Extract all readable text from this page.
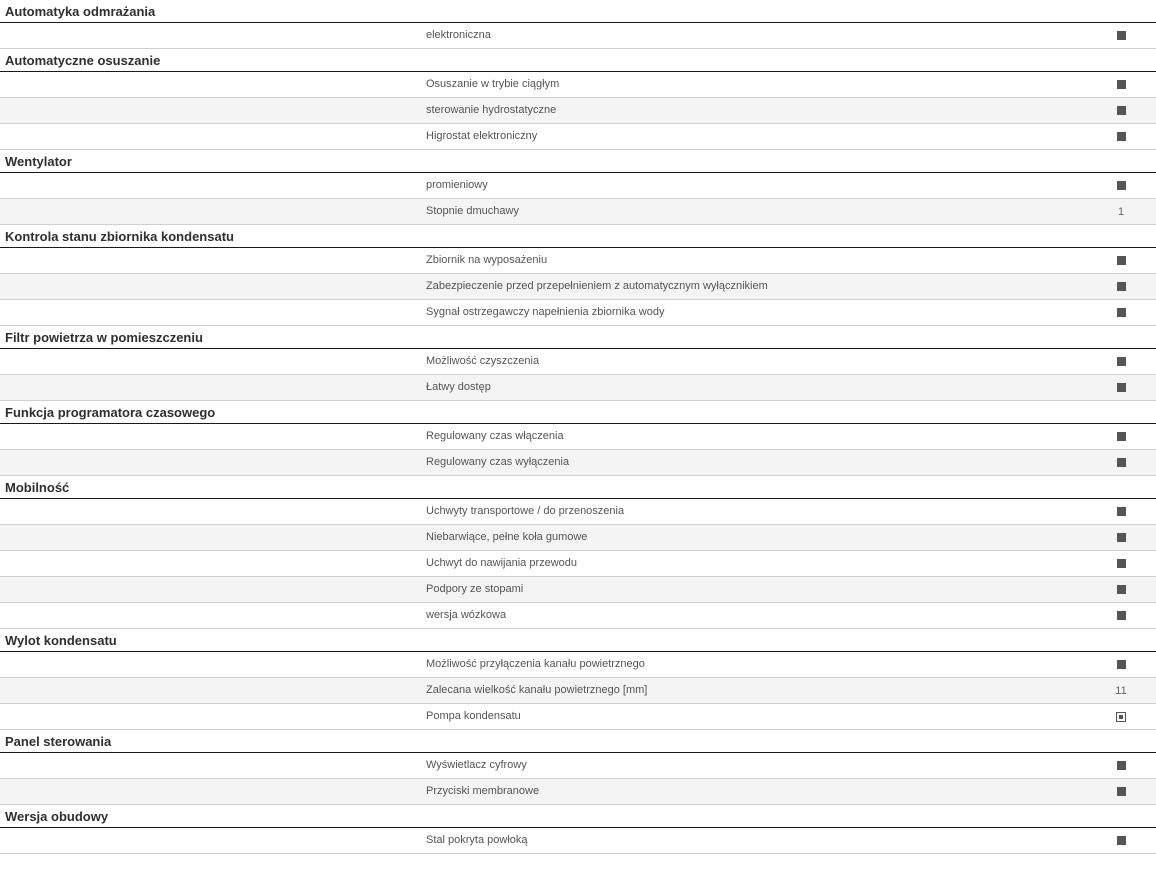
Automatyka odmrażania
elektroniczna
Automatyczne osuszanie
Osuszanie w trybie ciągłym
sterowanie hydrostatyczne
Higrostat elektroniczny
Wentylator
promieniowy
Stopnie dmuchawy	1
Kontrola stanu zbiornika kondensatu
Zbiornik na wyposażeniu
Zabezpieczenie przed przepełnieniem z automatycznym wyłącznikiem
Sygnał ostrzegawczy napełnienia zbiornika wody
Filtr powietrza w pomieszczeniu
Możliwość czyszczenia
Łatwy dostęp
Funkcja programatora czasowego
Regulowany czas włączenia
Regulowany czas wyłączenia
Mobilność
Uchwyty transportowe / do przenoszenia
Niebarwiące, pełne koła gumowe
Uchwyt do nawijania przewodu
Podpory ze stopami
wersja wózkowa
Wylot kondensatu
Możliwość przyłączenia kanału powietrznego
Zalecana wielkość kanału powietrznego [mm]	11
Pompa kondensatu
Panel sterowania
Wyświetlacz cyfrowy
Przyciski membranowe
Wersja obudowy
Stal pokryta powłoką
